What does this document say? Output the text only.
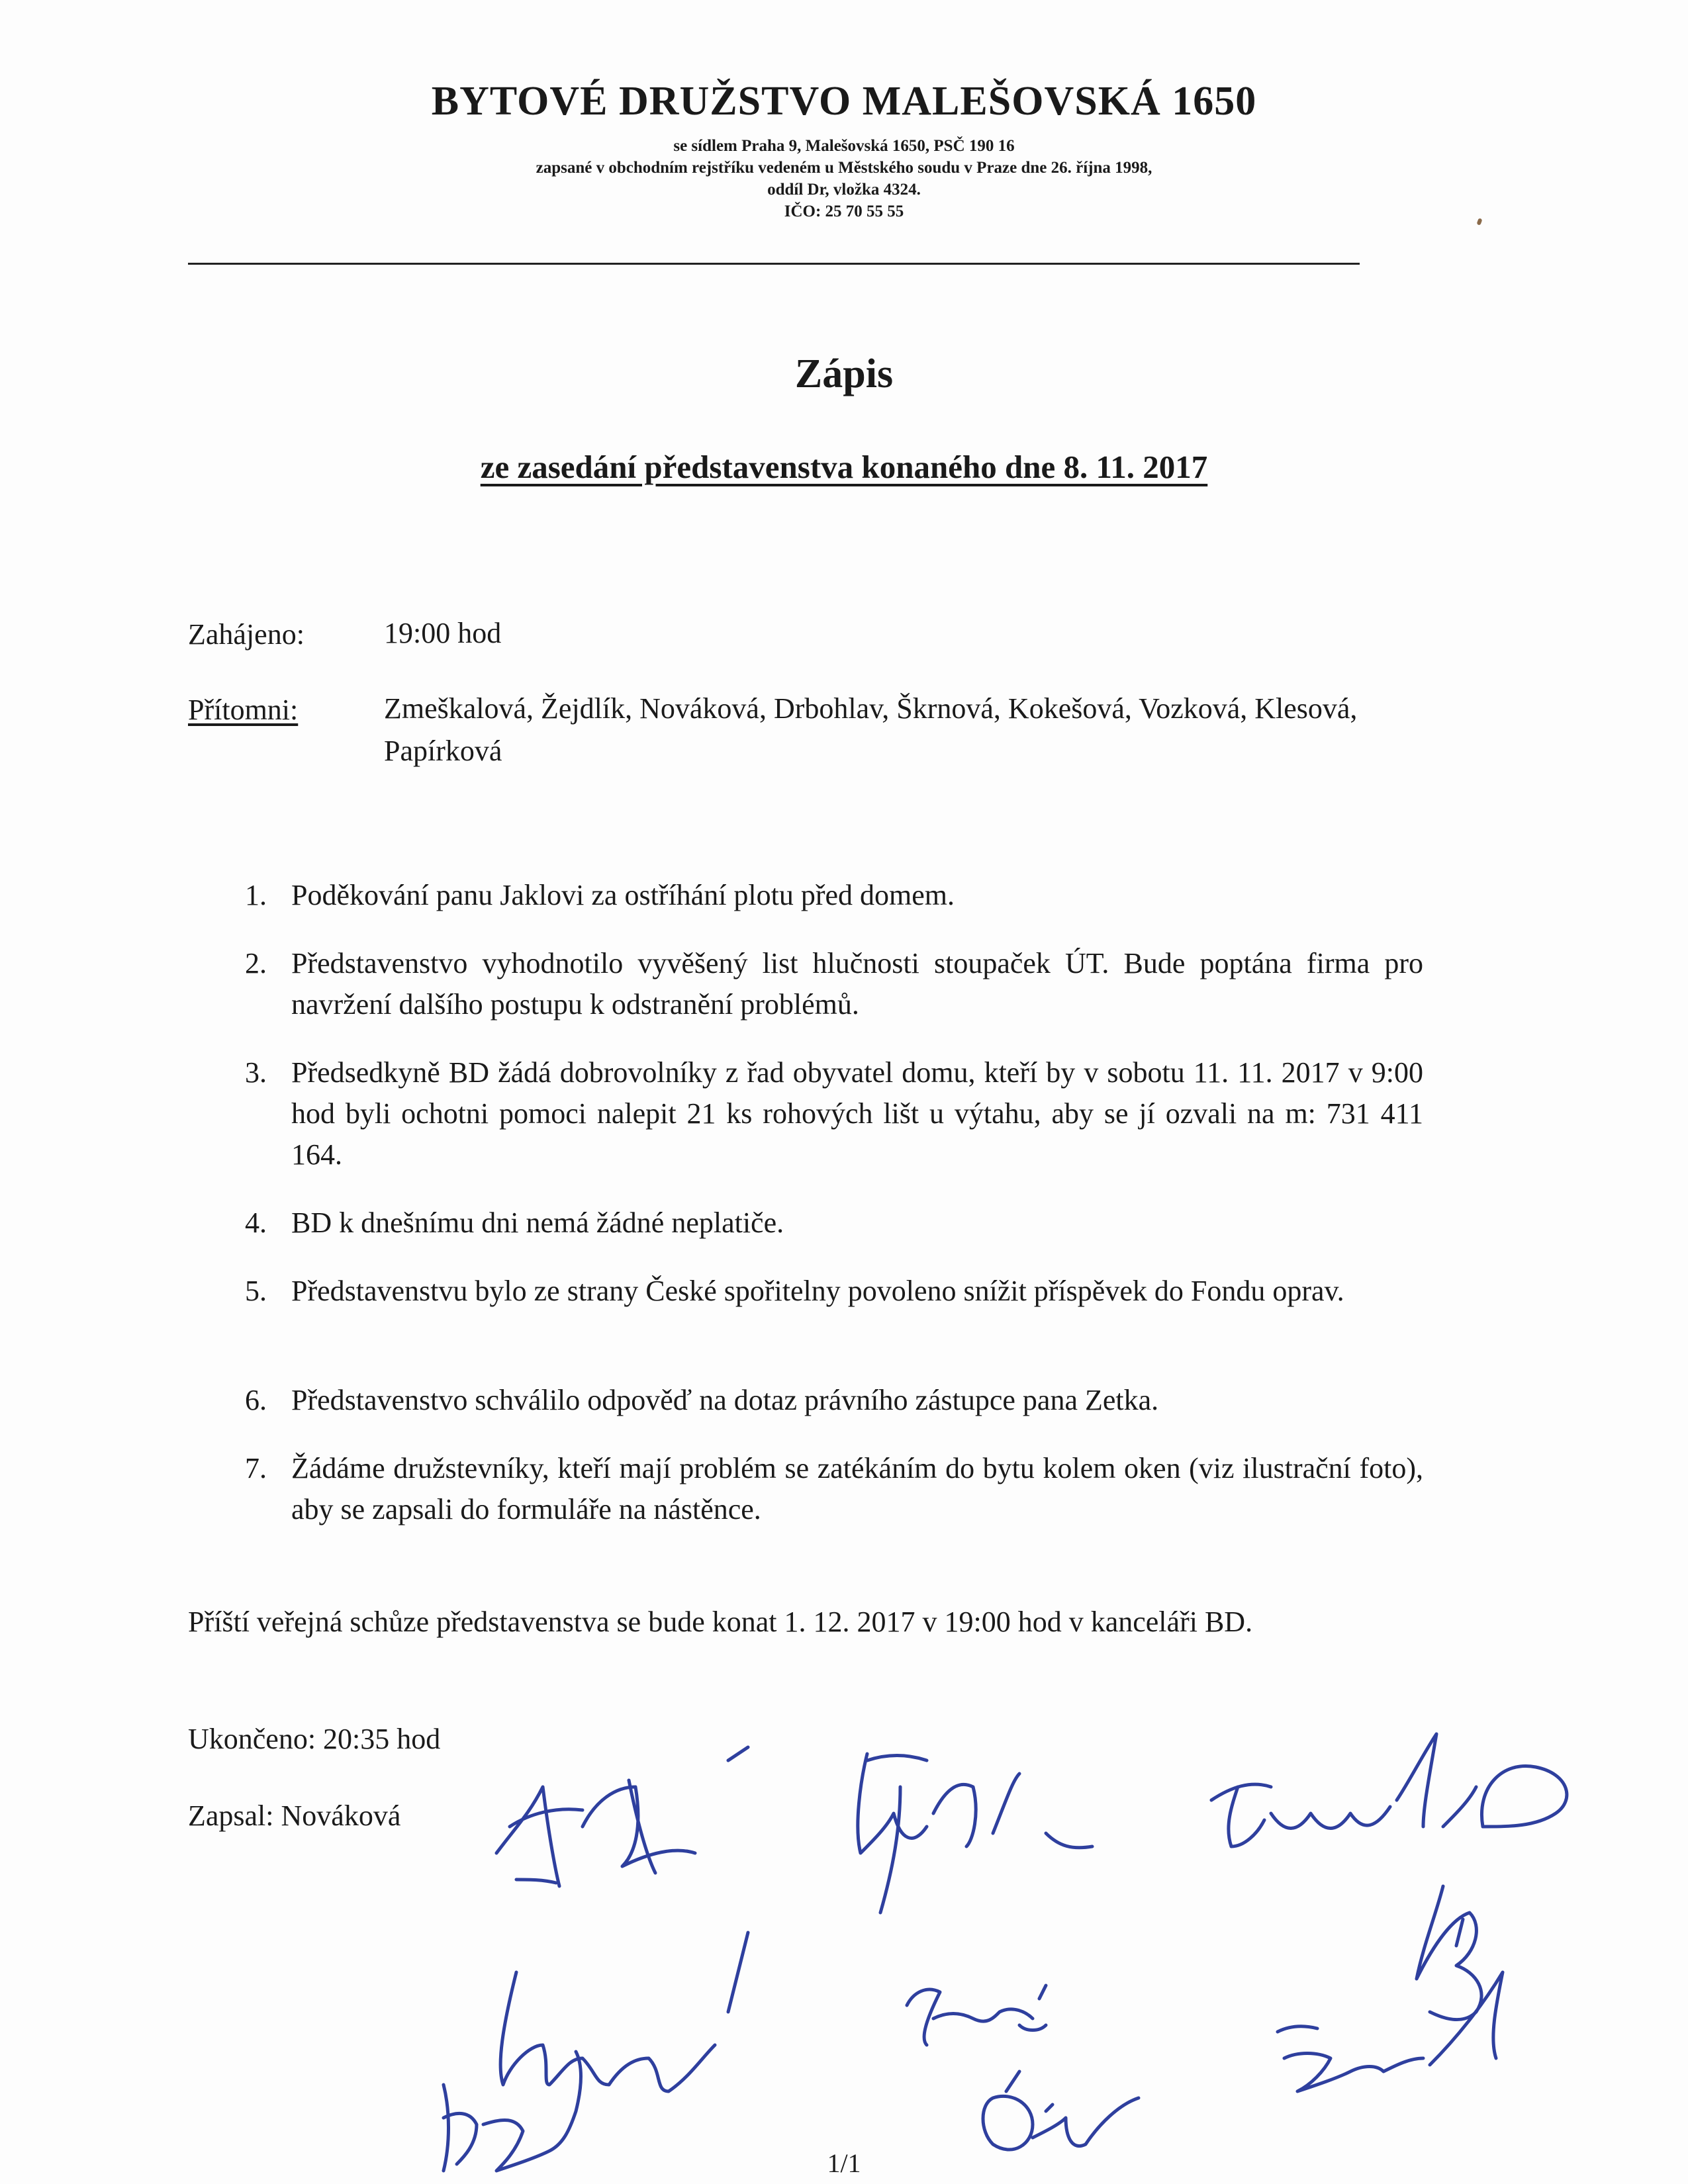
BYTOVÉ DRUŽSTVO MALEŠOVSKÁ 1650

se sídlem Praha 9, Malešovská 1650, PSČ 190 16

zapsané v obchodním rejstříku vedeném u Městského soudu v Praze dne 26. října 1998,

oddíl Dr, vložka 4324.

IČO: 25 70 55 55

Zápis
ze zasedání představenstva konaného dne 8. 11. 2017
Zahájeno:	19:00 hod
Přítomni:	Zmeškalová, Žejdlík, Nováková, Drbohlav, Škrnová, Kokešová, Vozková, Klesová, Papírková
1. Poděkování panu Jaklovi za ostříhání plotu před domem.
2. Představenstvo vyhodnotilo vyvěšený list hlučnosti stoupaček ÚT. Bude poptána firma pro navržení dalšího postupu k odstranění problémů.
3. Předsedkyně BD žádá dobrovolníky z řad obyvatel domu, kteří by v sobotu 11. 11. 2017 v 9:00 hod byli ochotni pomoci nalepit 21 ks rohových lišt u výtahu, aby se jí ozvali na m: 731 411 164.
4. BD k dnešnímu dni nemá žádné neplatiče.
5. Představenstvu bylo ze strany České spořitelny povoleno snížit příspěvek do Fondu oprav.
6. Představenstvo schválilo odpověď na dotaz právního zástupce pana Zetka.
7. Žádáme družstevníky, kteří mají problém se zatékáním do bytu kolem oken (viz ilustrační foto), aby se zapsali do formuláře na nástěnce.
Příští veřejná schůze představenstva se bude konat 1. 12. 2017 v 19:00 hod v kanceláři BD.
Ukončeno: 20:35 hod
Zapsal: Nováková
1/1
